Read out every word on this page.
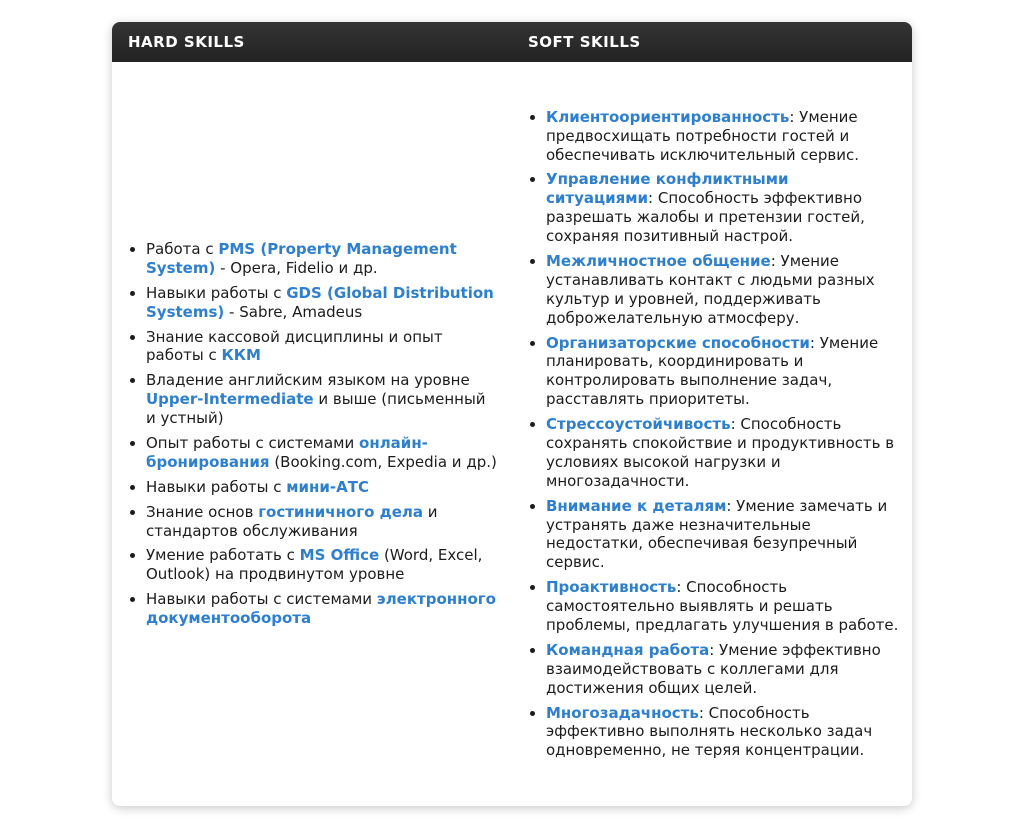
HARD SKILLS	SOFT SKILLS
• Работа с PMS (Property Management System) - Opera, Fidelio и др.
• Навыки работы с GDS (Global Distribution Systems) - Sabre, Amadeus
• Знание кассовой дисциплины и опыт работы с ККМ
• Владение английским языком на уровне Upper-Intermediate и выше (письменный и устный)
• Опыт работы с системами онлайн-бронирования (Booking.com, Expedia и др.)
• Навыки работы с мини-АТС
• Знание основ гостиничного дела и стандартов обслуживания
• Умение работать с MS Office (Word, Excel, Outlook) на продвинутом уровне
• Навыки работы с системами электронного документооборота
• Клиентоориентированность: Умение предвосхищать потребности гостей и обеспечивать исключительный сервис.
• Управление конфликтными ситуациями: Способность эффективно разрешать жалобы и претензии гостей, сохраняя позитивный настрой.
• Межличностное общение: Умение устанавливать контакт с людьми разных культур и уровней, поддерживать доброжелательную атмосферу.
• Организаторские способности: Умение планировать, координировать и контролировать выполнение задач, расставлять приоритеты.
• Стрессоустойчивость: Способность сохранять спокойствие и продуктивность в условиях высокой нагрузки и многозадачности.
• Внимание к деталям: Умение замечать и устранять даже незначительные недостатки, обеспечивая безупречный сервис.
• Проактивность: Способность самостоятельно выявлять и решать проблемы, предлагать улучшения в работе.
• Командная работа: Умение эффективно взаимодействовать с коллегами для достижения общих целей.
• Многозадачность: Способность эффективно выполнять несколько задач одновременно, не теряя концентрации.
